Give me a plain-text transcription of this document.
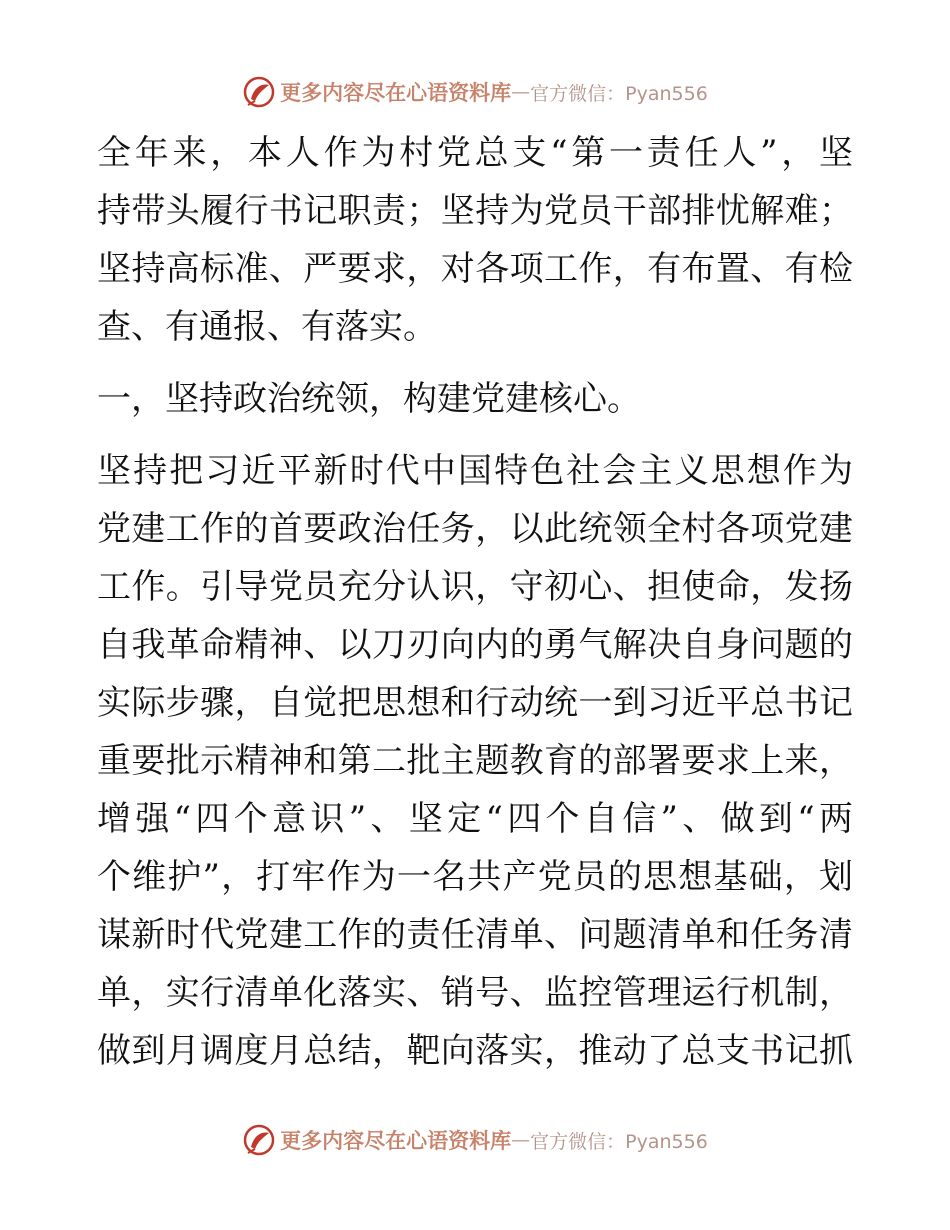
更多内容尽在心语资料库 — 官方微信：Pyan556
全年来，本人作为村党总支“第一责任人”，坚
持带头履行书记职责；坚持为党员干部排忧解难；
坚持高标准、严要求，对各项工作，有布置、有检
查、有通报、有落实。
一，坚持政治统领，构建党建核心。
坚持把习近平新时代中国特色社会主义思想作为
党建工作的首要政治任务，以此统领全村各项党建
工作。引导党员充分认识，守初心、担使命，发扬
自我革命精神、以刀刃向内的勇气解决自身问题的
实际步骤，自觉把思想和行动统一到习近平总书记
重要批示精神和第二批主题教育的部署要求上来，
增强“四个意识”、坚定“四个自信”、做到“两
个维护”，打牢作为一名共产党员的思想基础，划
谋新时代党建工作的责任清单、问题清单和任务清
单，实行清单化落实、销号、监控管理运行机制，
做到月调度月总结，靶向落实，推动了总支书记抓
更多内容尽在心语资料库 — 官方微信：Pyan556
